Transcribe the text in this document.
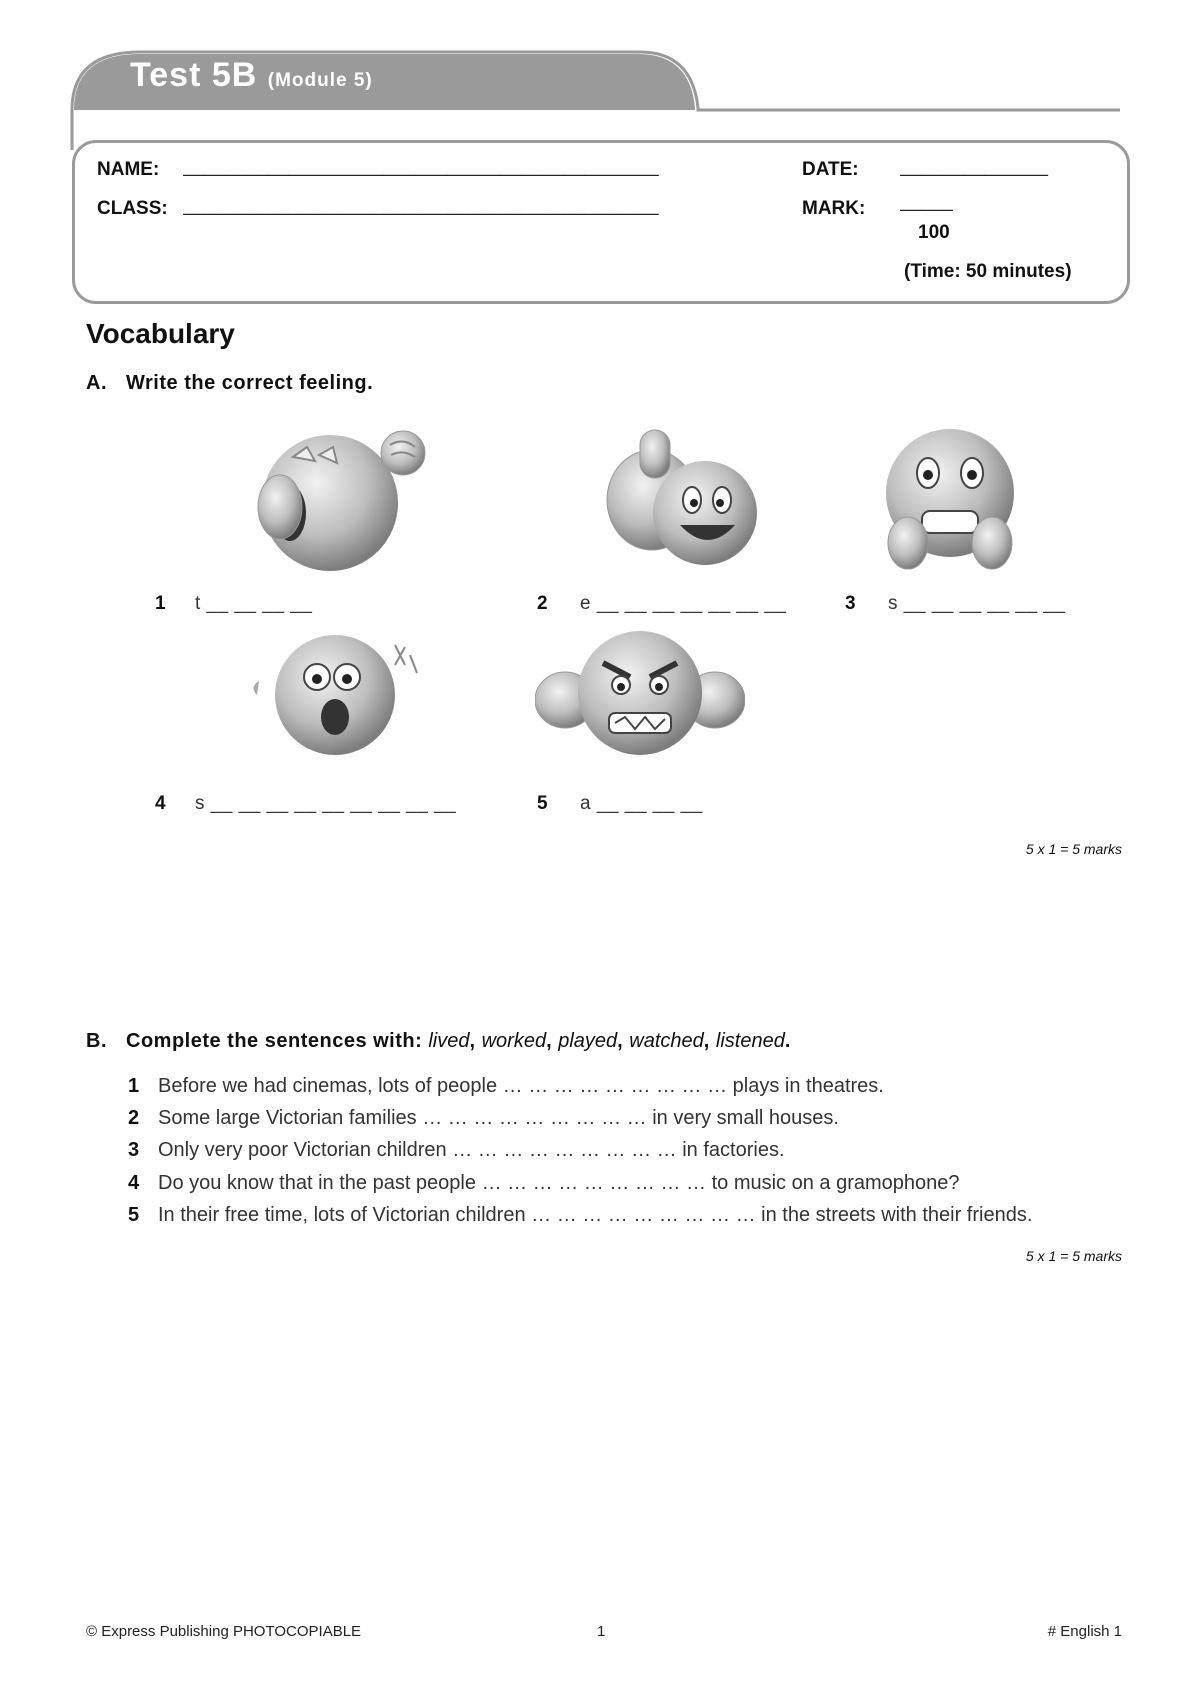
Test 5B (Module 5)
NAME: _____________________________________________
CLASS: _____________________________________________
DATE: ______________
MARK: _____
100
(Time: 50 minutes)
Vocabulary
A. Write the correct feeling.
1 t __ __ __ __	2 e __ __ __ __ __ __ __	3 s __ __ __ __ __ __
4 s __ __ __ __ __ __ __ __ __	5 a __ __ __ __
5 x 1 = 5 marks
B. Complete the sentences with: lived, worked, played, watched, listened.
1 Before we had cinemas, lots of people … … … … … … … … … plays in theatres.
2 Some large Victorian families … … … … … … … … … in very small houses.
3 Only very poor Victorian children … … … … … … … … … in factories.
4 Do you know that in the past people … … … … … … … … … to music on a gramophone?
5 In their free time, lots of Victorian children … … … … … … … … … in the streets with their friends.
5 x 1 = 5 marks
© Express Publishing PHOTOCOPIABLE	1	# English 1
